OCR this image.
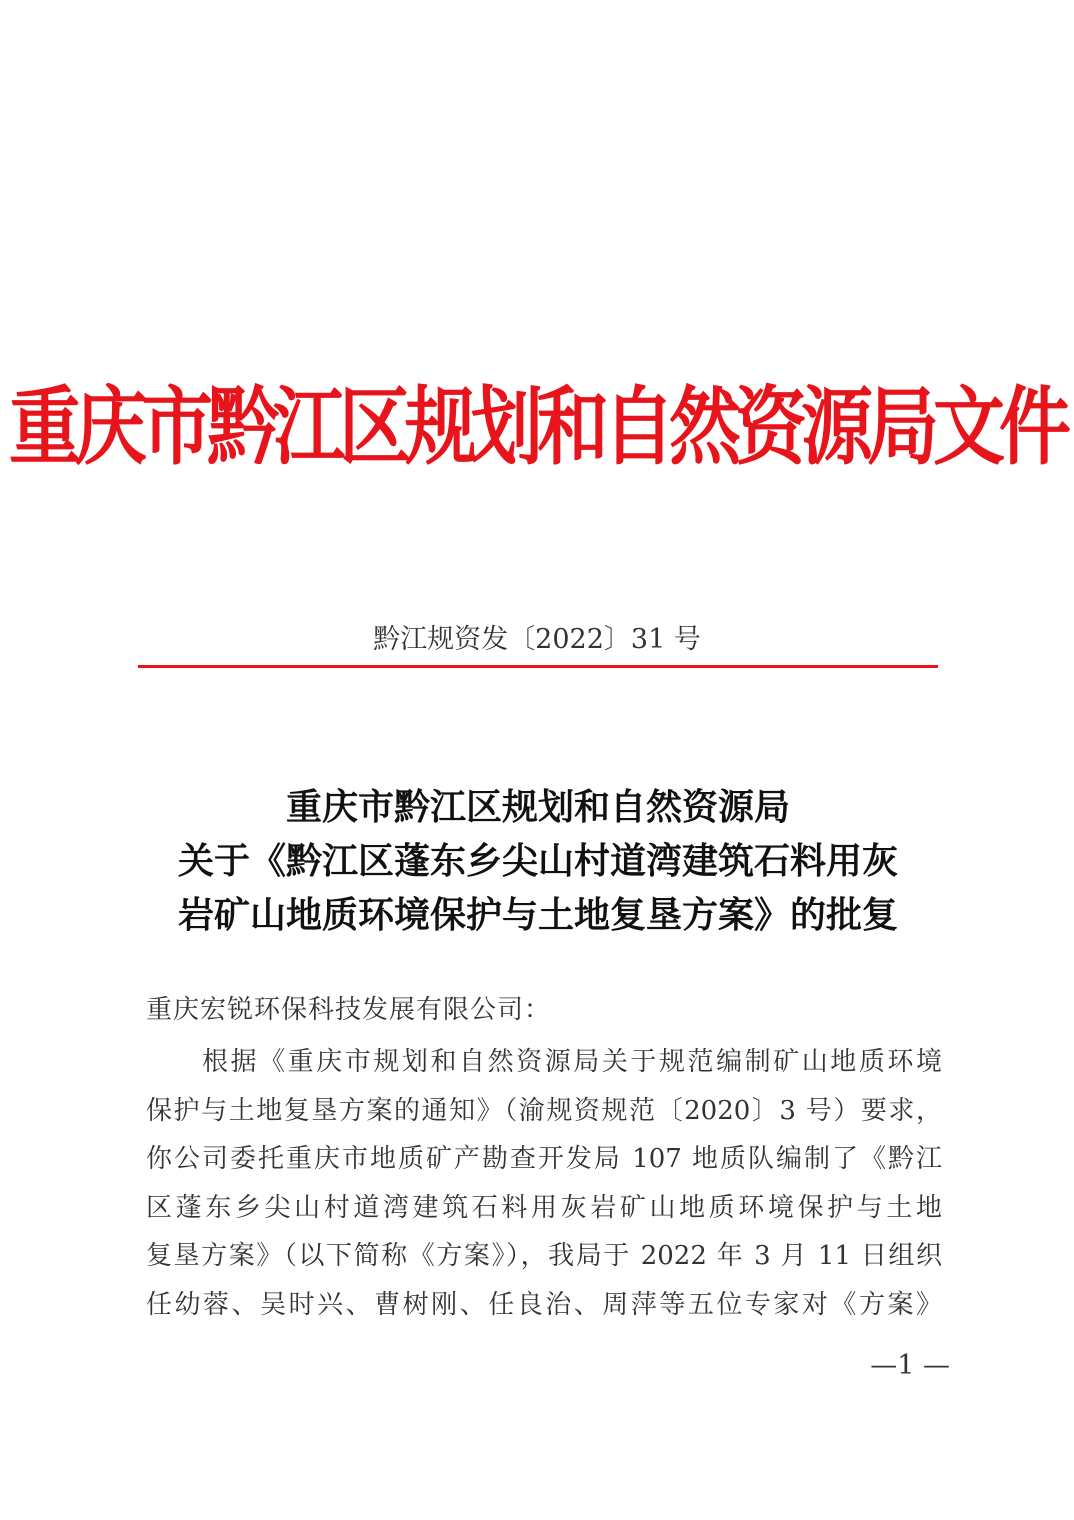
重庆市黔江区规划和自然资源局文件
黔江规资发〔2022〕31 号
重庆市黔江区规划和自然资源局
关于《黔江区蓬东乡尖山村道湾建筑石料用灰
岩矿山地质环境保护与土地复垦方案》的批复
重庆宏锐环保科技发展有限公司：
根据《重庆市规划和自然资源局关于规范编制矿山地质环境
保护与土地复垦方案的通知》（渝规资规范〔2020〕3 号）要求，
你公司委托重庆市地质矿产勘查开发局 107 地质队编制了《黔江
区蓬东乡尖山村道湾建筑石料用灰岩矿山地质环境保护与土地
复垦方案》（以下简称《方案》），我局于 2022 年 3 月 11 日组织
任幼蓉、吴时兴、曹树刚、任良治、周萍等五位专家对《方案》
—1 —
